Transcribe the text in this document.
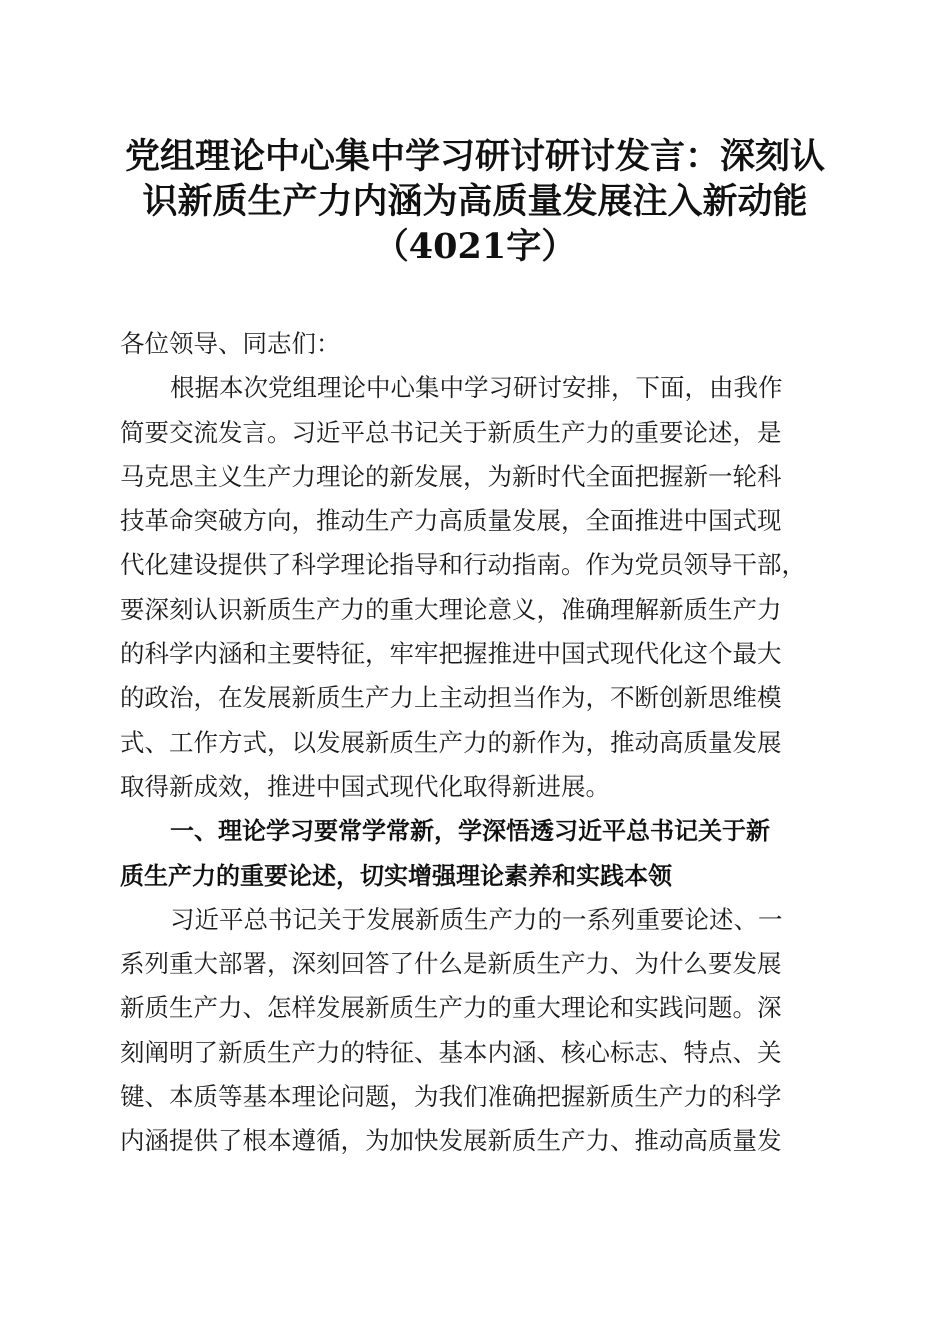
党组理论中心集中学习研讨研讨发言：深刻认
识新质生产力内涵为高质量发展注入新动能
（4021字）
各位领导、同志们：
根据本次党组理论中心集中学习研讨安排，下面，由我作
简要交流发言。习近平总书记关于新质生产力的重要论述，是
马克思主义生产力理论的新发展，为新时代全面把握新一轮科
技革命突破方向，推动生产力高质量发展，全面推进中国式现
代化建设提供了科学理论指导和行动指南。作为党员领导干部，
要深刻认识新质生产力的重大理论意义，准确理解新质生产力
的科学内涵和主要特征，牢牢把握推进中国式现代化这个最大
的政治，在发展新质生产力上主动担当作为，不断创新思维模
式、工作方式，以发展新质生产力的新作为，推动高质量发展
取得新成效，推进中国式现代化取得新进展。
一、理论学习要常学常新，学深悟透习近平总书记关于新
质生产力的重要论述，切实增强理论素养和实践本领
习近平总书记关于发展新质生产力的一系列重要论述、一
系列重大部署，深刻回答了什么是新质生产力、为什么要发展
新质生产力、怎样发展新质生产力的重大理论和实践问题。深
刻阐明了新质生产力的特征、基本内涵、核心标志、特点、关
键、本质等基本理论问题，为我们准确把握新质生产力的科学
内涵提供了根本遵循，为加快发展新质生产力、推动高质量发
